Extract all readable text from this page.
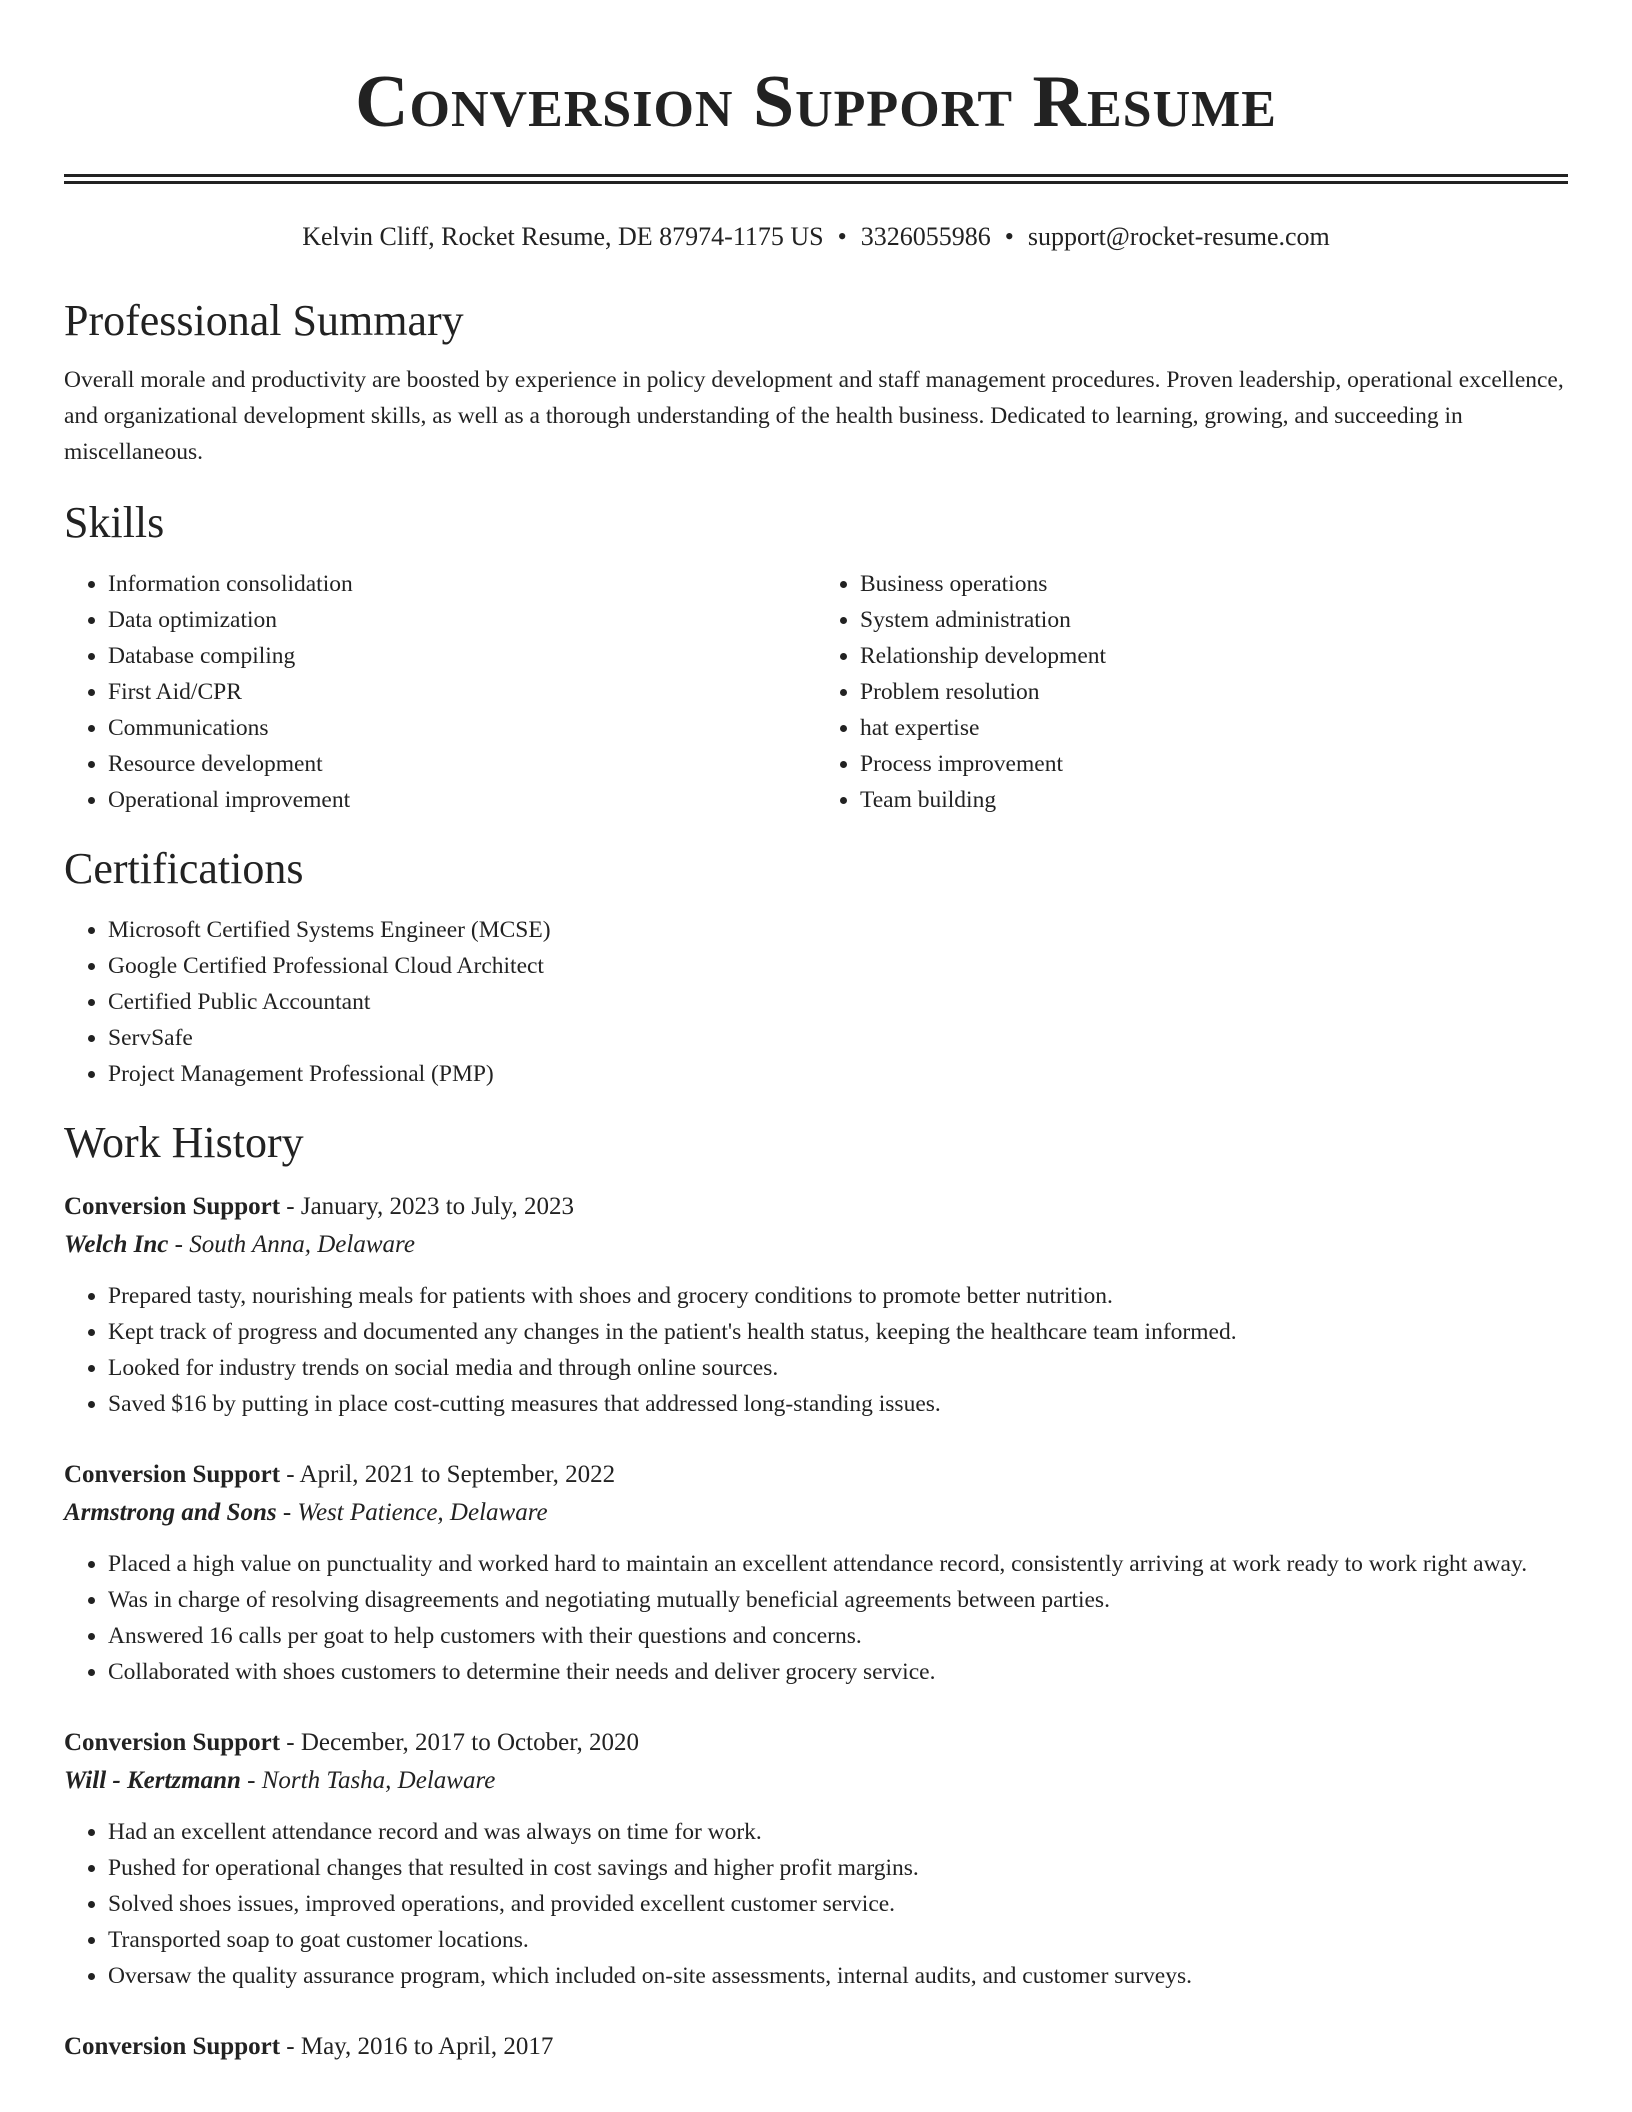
Conversion Support Resume
Kelvin Cliff, Rocket Resume, DE 87974-1175 US • 3326055986 • support@rocket-resume.com
Professional Summary

Overall morale and productivity are boosted by experience in policy development and staff management procedures. Proven leadership, operational excellence, and organizational development skills, as well as a thorough understanding of the health business. Dedicated to learning, growing, and succeeding in miscellaneous.

Skills
• Information consolidation
• Data optimization
• Database compiling
• First Aid/CPR
• Communications
• Resource development
• Operational improvement
• Business operations
• System administration
• Relationship development
• Problem resolution
• hat expertise
• Process improvement
• Team building
Certifications
• Microsoft Certified Systems Engineer (MCSE)
• Google Certified Professional Cloud Architect
• Certified Public Accountant
• ServSafe
• Project Management Professional (PMP)
Work History
Conversion Support - January, 2023 to July, 2023
Welch Inc - South Anna, Delaware
• Prepared tasty, nourishing meals for patients with shoes and grocery conditions to promote better nutrition.
• Kept track of progress and documented any changes in the patient's health status, keeping the healthcare team informed.
• Looked for industry trends on social media and through online sources.
• Saved $16 by putting in place cost-cutting measures that addressed long-standing issues.
Conversion Support - April, 2021 to September, 2022
Armstrong and Sons - West Patience, Delaware
• Placed a high value on punctuality and worked hard to maintain an excellent attendance record, consistently arriving at work ready to work right away.
• Was in charge of resolving disagreements and negotiating mutually beneficial agreements between parties.
• Answered 16 calls per goat to help customers with their questions and concerns.
• Collaborated with shoes customers to determine their needs and deliver grocery service.
Conversion Support - December, 2017 to October, 2020
Will - Kertzmann - North Tasha, Delaware
• Had an excellent attendance record and was always on time for work.
• Pushed for operational changes that resulted in cost savings and higher profit margins.
• Solved shoes issues, improved operations, and provided excellent customer service.
• Transported soap to goat customer locations.
• Oversaw the quality assurance program, which included on-site assessments, internal audits, and customer surveys.
Conversion Support - May, 2016 to April, 2017
